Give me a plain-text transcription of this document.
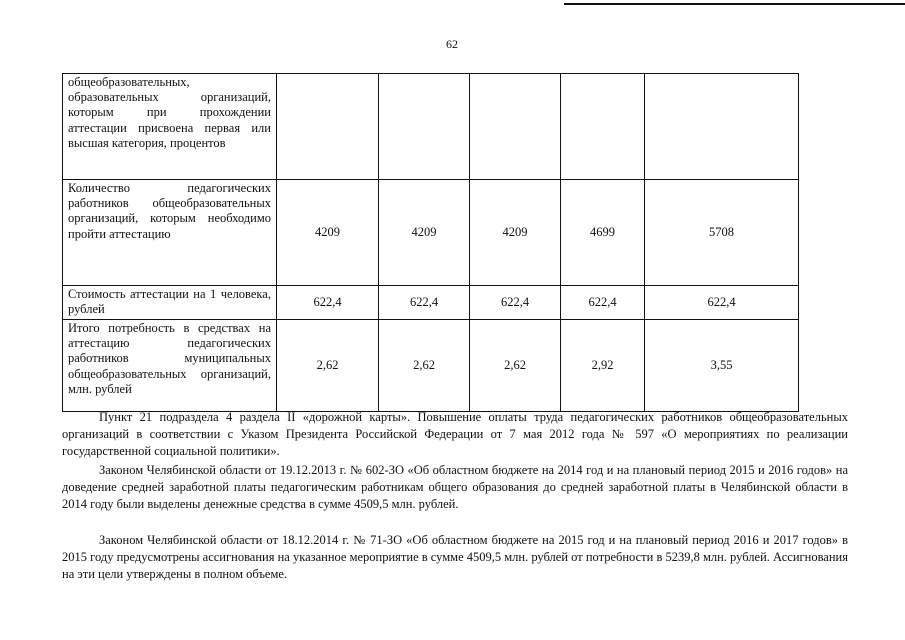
62
общеобразовательных, образовательных организаций, которым при прохождении аттестации присвоена первая или высшая категория, процентов					
Количество педагогических работников общеобразовательных организаций, которым необходимо пройти аттестацию	4209	4209	4209	4699	5708
Стоимость аттестации на 1 человека, рублей	622,4	622,4	622,4	622,4	622,4
Итого потребность в средствах на аттестацию педагогических работников муниципальных общеобразовательных организаций, млн. рублей	2,62	2,62	2,62	2,92	3,55

Пункт 21 подраздела 4 раздела II «дорожной карты». Повышение оплаты труда педагогических работников общеобразовательных организаций в соответствии с Указом Президента Российской Федерации от 7 мая 2012 года № 597 «О мероприятиях по реализации государственной социальной политики».

Законом Челябинской области от 19.12.2013 г. № 602-ЗО «Об областном бюджете на 2014 год и на плановый период 2015 и 2016 годов» на доведение средней заработной платы педагогическим работникам общего образования до средней заработной платы в Челябинской области в 2014 году были выделены денежные средства в сумме 4509,5 млн. рублей.

Законом Челябинской области от 18.12.2014 г. № 71-ЗО «Об областном бюджете на 2015 год и на плановый период 2016 и 2017 годов» в 2015 году предусмотрены ассигнования на указанное мероприятие в сумме 4509,5 млн. рублей от потребности в 5239,8 млн. рублей. Ассигнования на эти цели утверждены в полном объеме.
